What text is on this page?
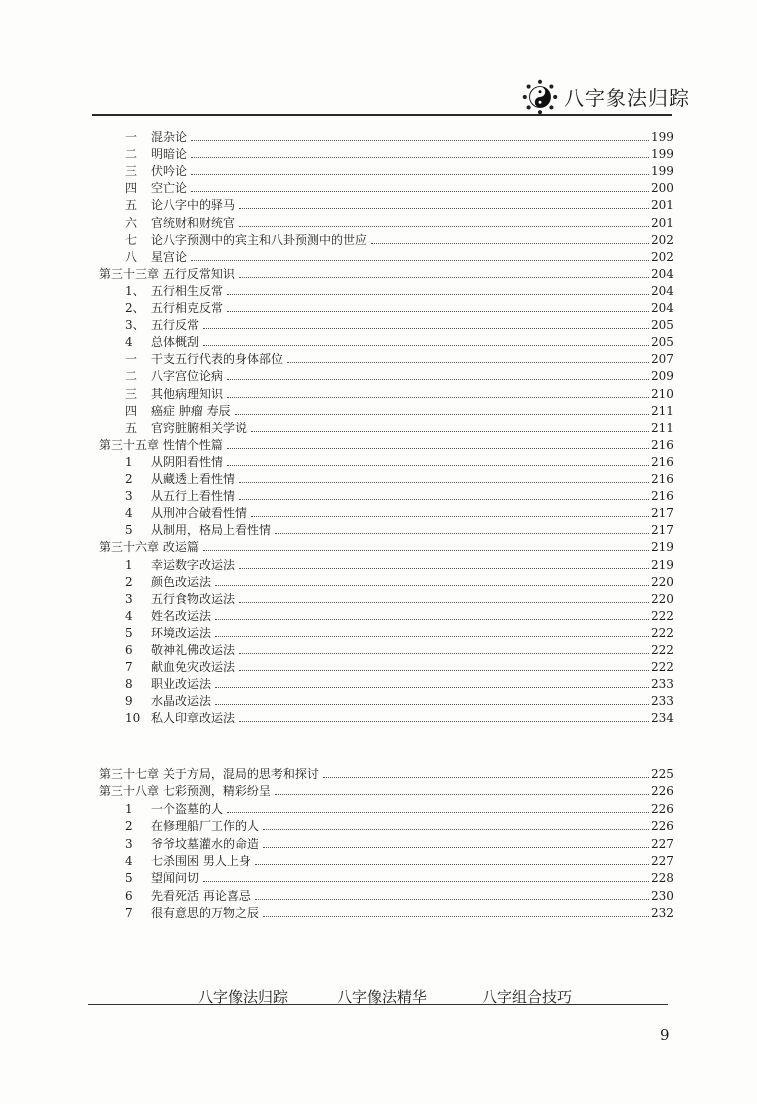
八字象法归踪
一 混杂论	199
二 明暗论	199
三 伏吟论	199
四 空亡论	200
五 论八字中的驿马	201
六 官统财和财统官	201
七 论八字预测中的宾主和八卦预测中的世应	202
八 星宫论	202
第三十三章 五行反常知识	204
1、 五行相生反常	204
2、 五行相克反常	204
3、 五行反常	205
4 总体概刮	205
一 干支五行代表的身体部位	207
二 八字宫位论病	209
三 其他病理知识	210
四 癌症 肿瘤 寿辰	211
五 官窍脏腑相关学说	211
第三十五章 性情个性篇	216
1 从阴阳看性情	216
2 从藏透上看性情	216
3 从五行上看性情	216
4 从刑冲合破看性情	217
5 从制用，格局上看性情	217
第三十六章 改运篇	219
1 幸运数字改运法	219
2 颜色改运法	220
3 五行食物改运法	220
4 姓名改运法	222
5 环境改运法	222
6 敬神礼佛改运法	222
7 献血免灾改运法	222
8 职业改运法	233
9 水晶改运法	233
10 私人印章改运法	234
第三十七章 关于方局，混局的思考和探讨	225
第三十八章 七彩预测，精彩纷呈	226
1 一个盗墓的人	226
2 在修理船厂工作的人	226
3 爷爷坟墓灌水的命造	227
4 七杀围困 男人上身	227
5 望闻问切	228
6 先看死活 再论喜忌	230
7 很有意思的万物之辰	232
八字像法归踪	八字像法精华	八字组合技巧
9
